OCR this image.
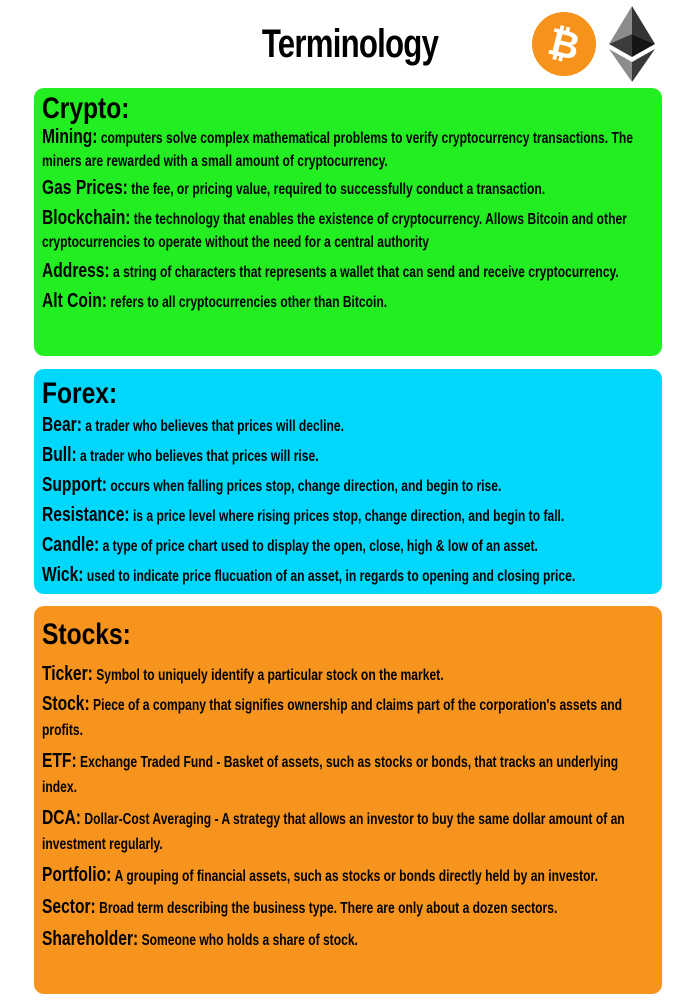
Terminology	₿
Crypto:
Mining: computers solve complex mathematical problems to verify cryptocurrency transactions. The miners are rewarded with a small amount of cryptocurrency.
Gas Prices: the fee, or pricing value, required to successfully conduct a transaction.
Blockchain: the technology that enables the existence of cryptocurrency. Allows Bitcoin and other cryptocurrencies to operate without the need for a central authority
Address: a string of characters that represents a wallet that can send and receive cryptocurrency.
Alt Coin: refers to all cryptocurrencies other than Bitcoin.
Forex:
Bear: a trader who believes that prices will decline.
Bull: a trader who believes that prices will rise.
Support: occurs when falling prices stop, change direction, and begin to rise.
Resistance: is a price level where rising prices stop, change direction, and begin to fall.
Candle: a type of price chart used to display the open, close, high & low of an asset.
Wick: used to indicate price flucuation of an asset, in regards to opening and closing price.
Stocks:
Ticker: Symbol to uniquely identify a particular stock on the market.
Stock: Piece of a company that signifies ownership and claims part of the corporation's assets and profits.
ETF: Exchange Traded Fund - Basket of assets, such as stocks or bonds, that tracks an underlying index.
DCA: Dollar-Cost Averaging - A strategy that allows an investor to buy the same dollar amount of an investment regularly.
Portfolio: A grouping of financial assets, such as stocks or bonds directly held by an investor.
Sector: Broad term describing the business type. There are only about a dozen sectors.
Shareholder: Someone who holds a share of stock.
